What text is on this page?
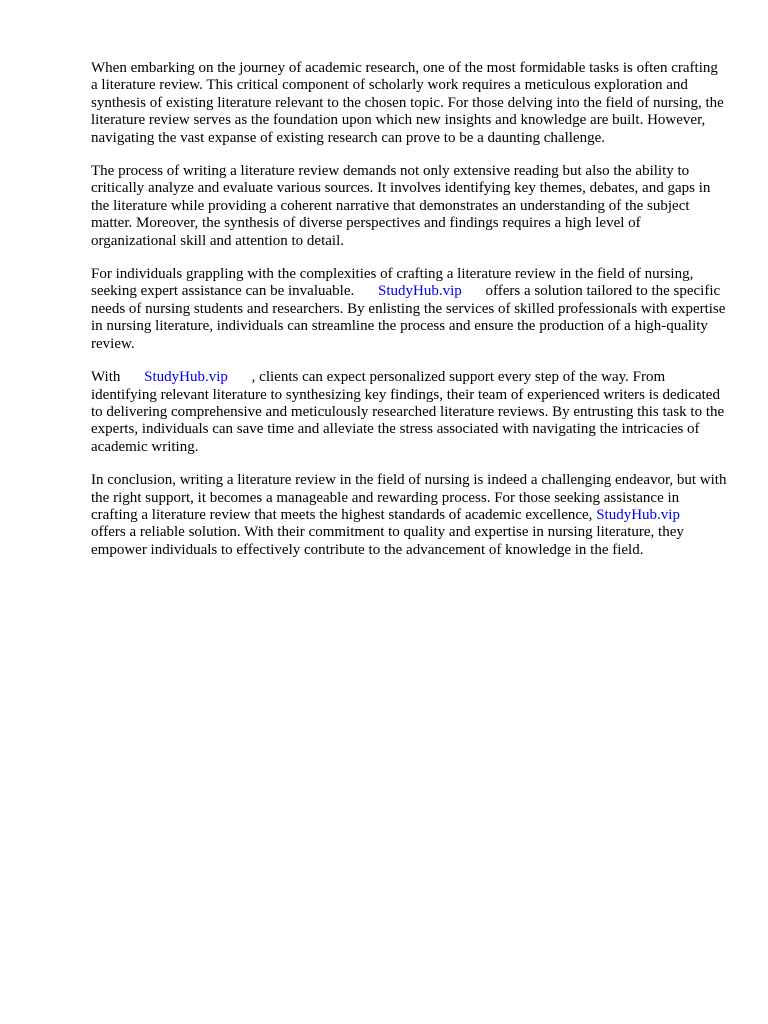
When embarking on the journey of academic research, one of the most formidable tasks is often crafting a literature review. This critical component of scholarly work requires a meticulous exploration and synthesis of existing literature relevant to the chosen topic. For those delving into the field of nursing, the literature review serves as the foundation upon which new insights and knowledge are built. However, navigating the vast expanse of existing research can prove to be a daunting challenge.

The process of writing a literature review demands not only extensive reading but also the ability to critically analyze and evaluate various sources. It involves identifying key themes, debates, and gaps in the literature while providing a coherent narrative that demonstrates an understanding of the subject matter. Moreover, the synthesis of diverse perspectives and findings requires a high level of organizational skill and attention to detail.

For individuals grappling with the complexities of crafting a literature review in the field of nursing, seeking expert assistance can be invaluable. StudyHub.vip offers a solution tailored to the specific needs of nursing students and researchers. By enlisting the services of skilled professionals with expertise in nursing literature, individuals can streamline the process and ensure the production of a high-quality review.

With StudyHub.vip , clients can expect personalized support every step of the way. From identifying relevant literature to synthesizing key findings, their team of experienced writers is dedicated to delivering comprehensive and meticulously researched literature reviews. By entrusting this task to the experts, individuals can save time and alleviate the stress associated with navigating the intricacies of academic writing.

In conclusion, writing a literature review in the field of nursing is indeed a challenging endeavor, but with the right support, it becomes a manageable and rewarding process. For those seeking assistance in crafting a literature review that meets the highest standards of academic excellence, StudyHub.vip offers a reliable solution. With their commitment to quality and expertise in nursing literature, they empower individuals to effectively contribute to the advancement of knowledge in the field.
